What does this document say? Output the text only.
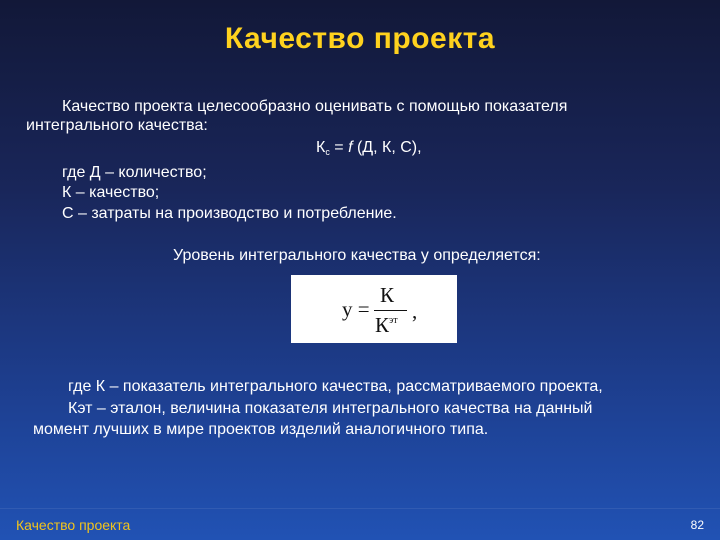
Качество проекта
Качество проекта целесообразно оценивать с помощью показателя
интегрального качества:
$К_с = f$ (Д, К, С),
где Д – количество;
К – качество;
С – затраты на производство и потребление.
Уровень интегрального качества у определяется:
у =
К
$К^{эт}$ ,
где К – показатель интегрального качества, рассматриваемого проекта,
Кэт – эталон, величина показателя интегрального качества на данный
момент лучших в мире проектов изделий аналогичного типа.
Качество проекта	82
